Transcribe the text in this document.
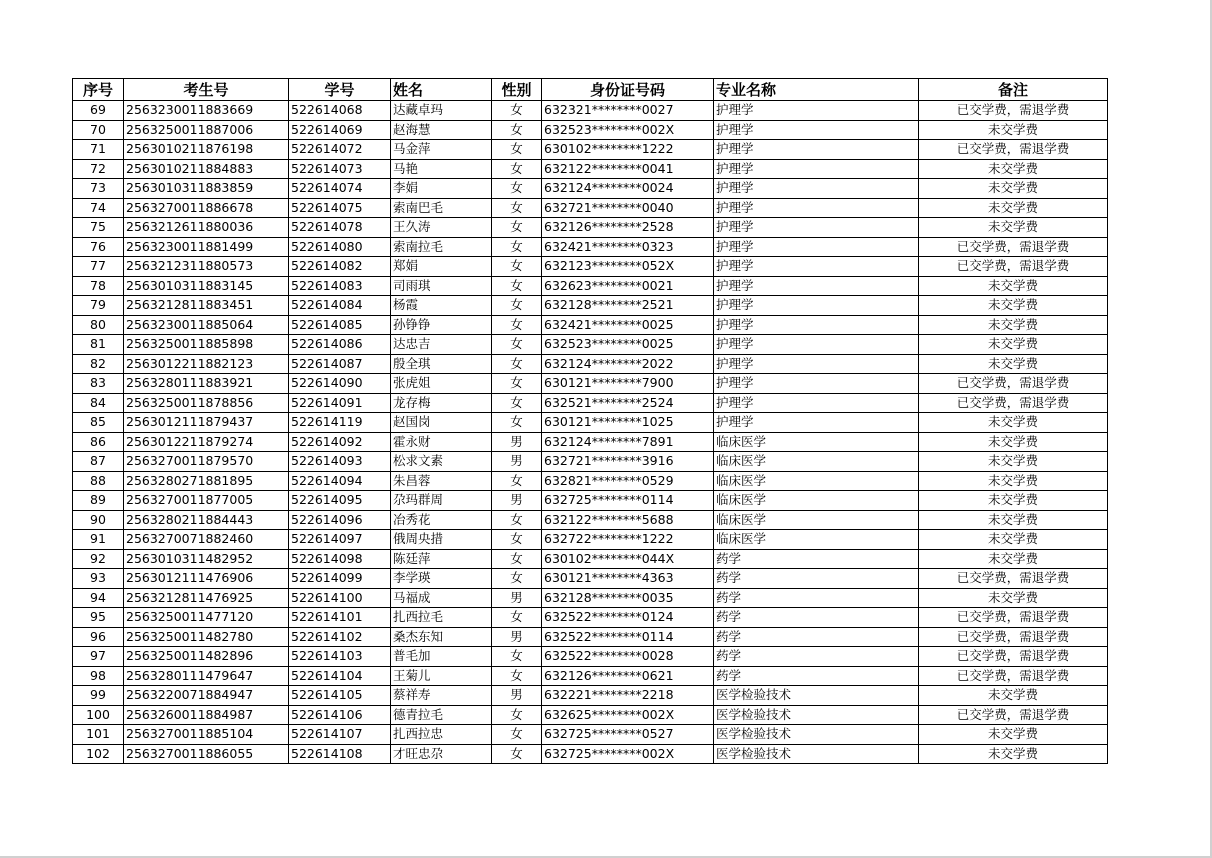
序号	考生号	学号	姓名	性别	身份证号码	专业名称	备注
69	2563230011883669	522614068	达藏卓玛	女	632321********0027	护理学	已交学费，需退学费
70	2563250011887006	522614069	赵海慧	女	632523********002X	护理学	未交学费
71	2563010211876198	522614072	马金萍	女	630102********1222	护理学	已交学费，需退学费
72	2563010211884883	522614073	马艳	女	632122********0041	护理学	未交学费
73	2563010311883859	522614074	李娟	女	632124********0024	护理学	未交学费
74	2563270011886678	522614075	索南巴毛	女	632721********0040	护理学	未交学费
75	2563212611880036	522614078	王久涛	女	632126********2528	护理学	未交学费
76	2563230011881499	522614080	索南拉毛	女	632421********0323	护理学	已交学费，需退学费
77	2563212311880573	522614082	郑娟	女	632123********052X	护理学	已交学费，需退学费
78	2563010311883145	522614083	司雨琪	女	632623********0021	护理学	未交学费
79	2563212811883451	522614084	杨霞	女	632128********2521	护理学	未交学费
80	2563230011885064	522614085	孙铮铮	女	632421********0025	护理学	未交学费
81	2563250011885898	522614086	达忠吉	女	632523********0025	护理学	未交学费
82	2563012211882123	522614087	殷全琪	女	632124********2022	护理学	未交学费
83	2563280111883921	522614090	张虎姐	女	630121********7900	护理学	已交学费，需退学费
84	2563250011878856	522614091	龙存梅	女	632521********2524	护理学	已交学费，需退学费
85	2563012111879437	522614119	赵国岗	女	630121********1025	护理学	未交学费
86	2563012211879274	522614092	霍永财	男	632124********7891	临床医学	未交学费
87	2563270011879570	522614093	松求文素	男	632721********3916	临床医学	未交学费
88	2563280271881895	522614094	朱昌蓉	女	632821********0529	临床医学	未交学费
89	2563270011877005	522614095	尕玛群周	男	632725********0114	临床医学	未交学费
90	2563280211884443	522614096	冶秀花	女	632122********5688	临床医学	未交学费
91	2563270071882460	522614097	俄周央措	女	632722********1222	临床医学	未交学费
92	2563010311482952	522614098	陈廷萍	女	630102********044X	药学	未交学费
93	2563012111476906	522614099	李学瑛	女	630121********4363	药学	已交学费，需退学费
94	2563212811476925	522614100	马福成	男	632128********0035	药学	未交学费
95	2563250011477120	522614101	扎西拉毛	女	632522********0124	药学	已交学费，需退学费
96	2563250011482780	522614102	桑杰东知	男	632522********0114	药学	已交学费，需退学费
97	2563250011482896	522614103	普毛加	女	632522********0028	药学	已交学费，需退学费
98	2563280111479647	522614104	王菊儿	女	632126********0621	药学	已交学费，需退学费
99	2563220071884947	522614105	蔡祥寿	男	632221********2218	医学检验技术	未交学费
100	2563260011884987	522614106	德青拉毛	女	632625********002X	医学检验技术	已交学费，需退学费
101	2563270011885104	522614107	扎西拉忠	女	632725********0527	医学检验技术	未交学费
102	2563270011886055	522614108	才旺忠尕	女	632725********002X	医学检验技术	未交学费
